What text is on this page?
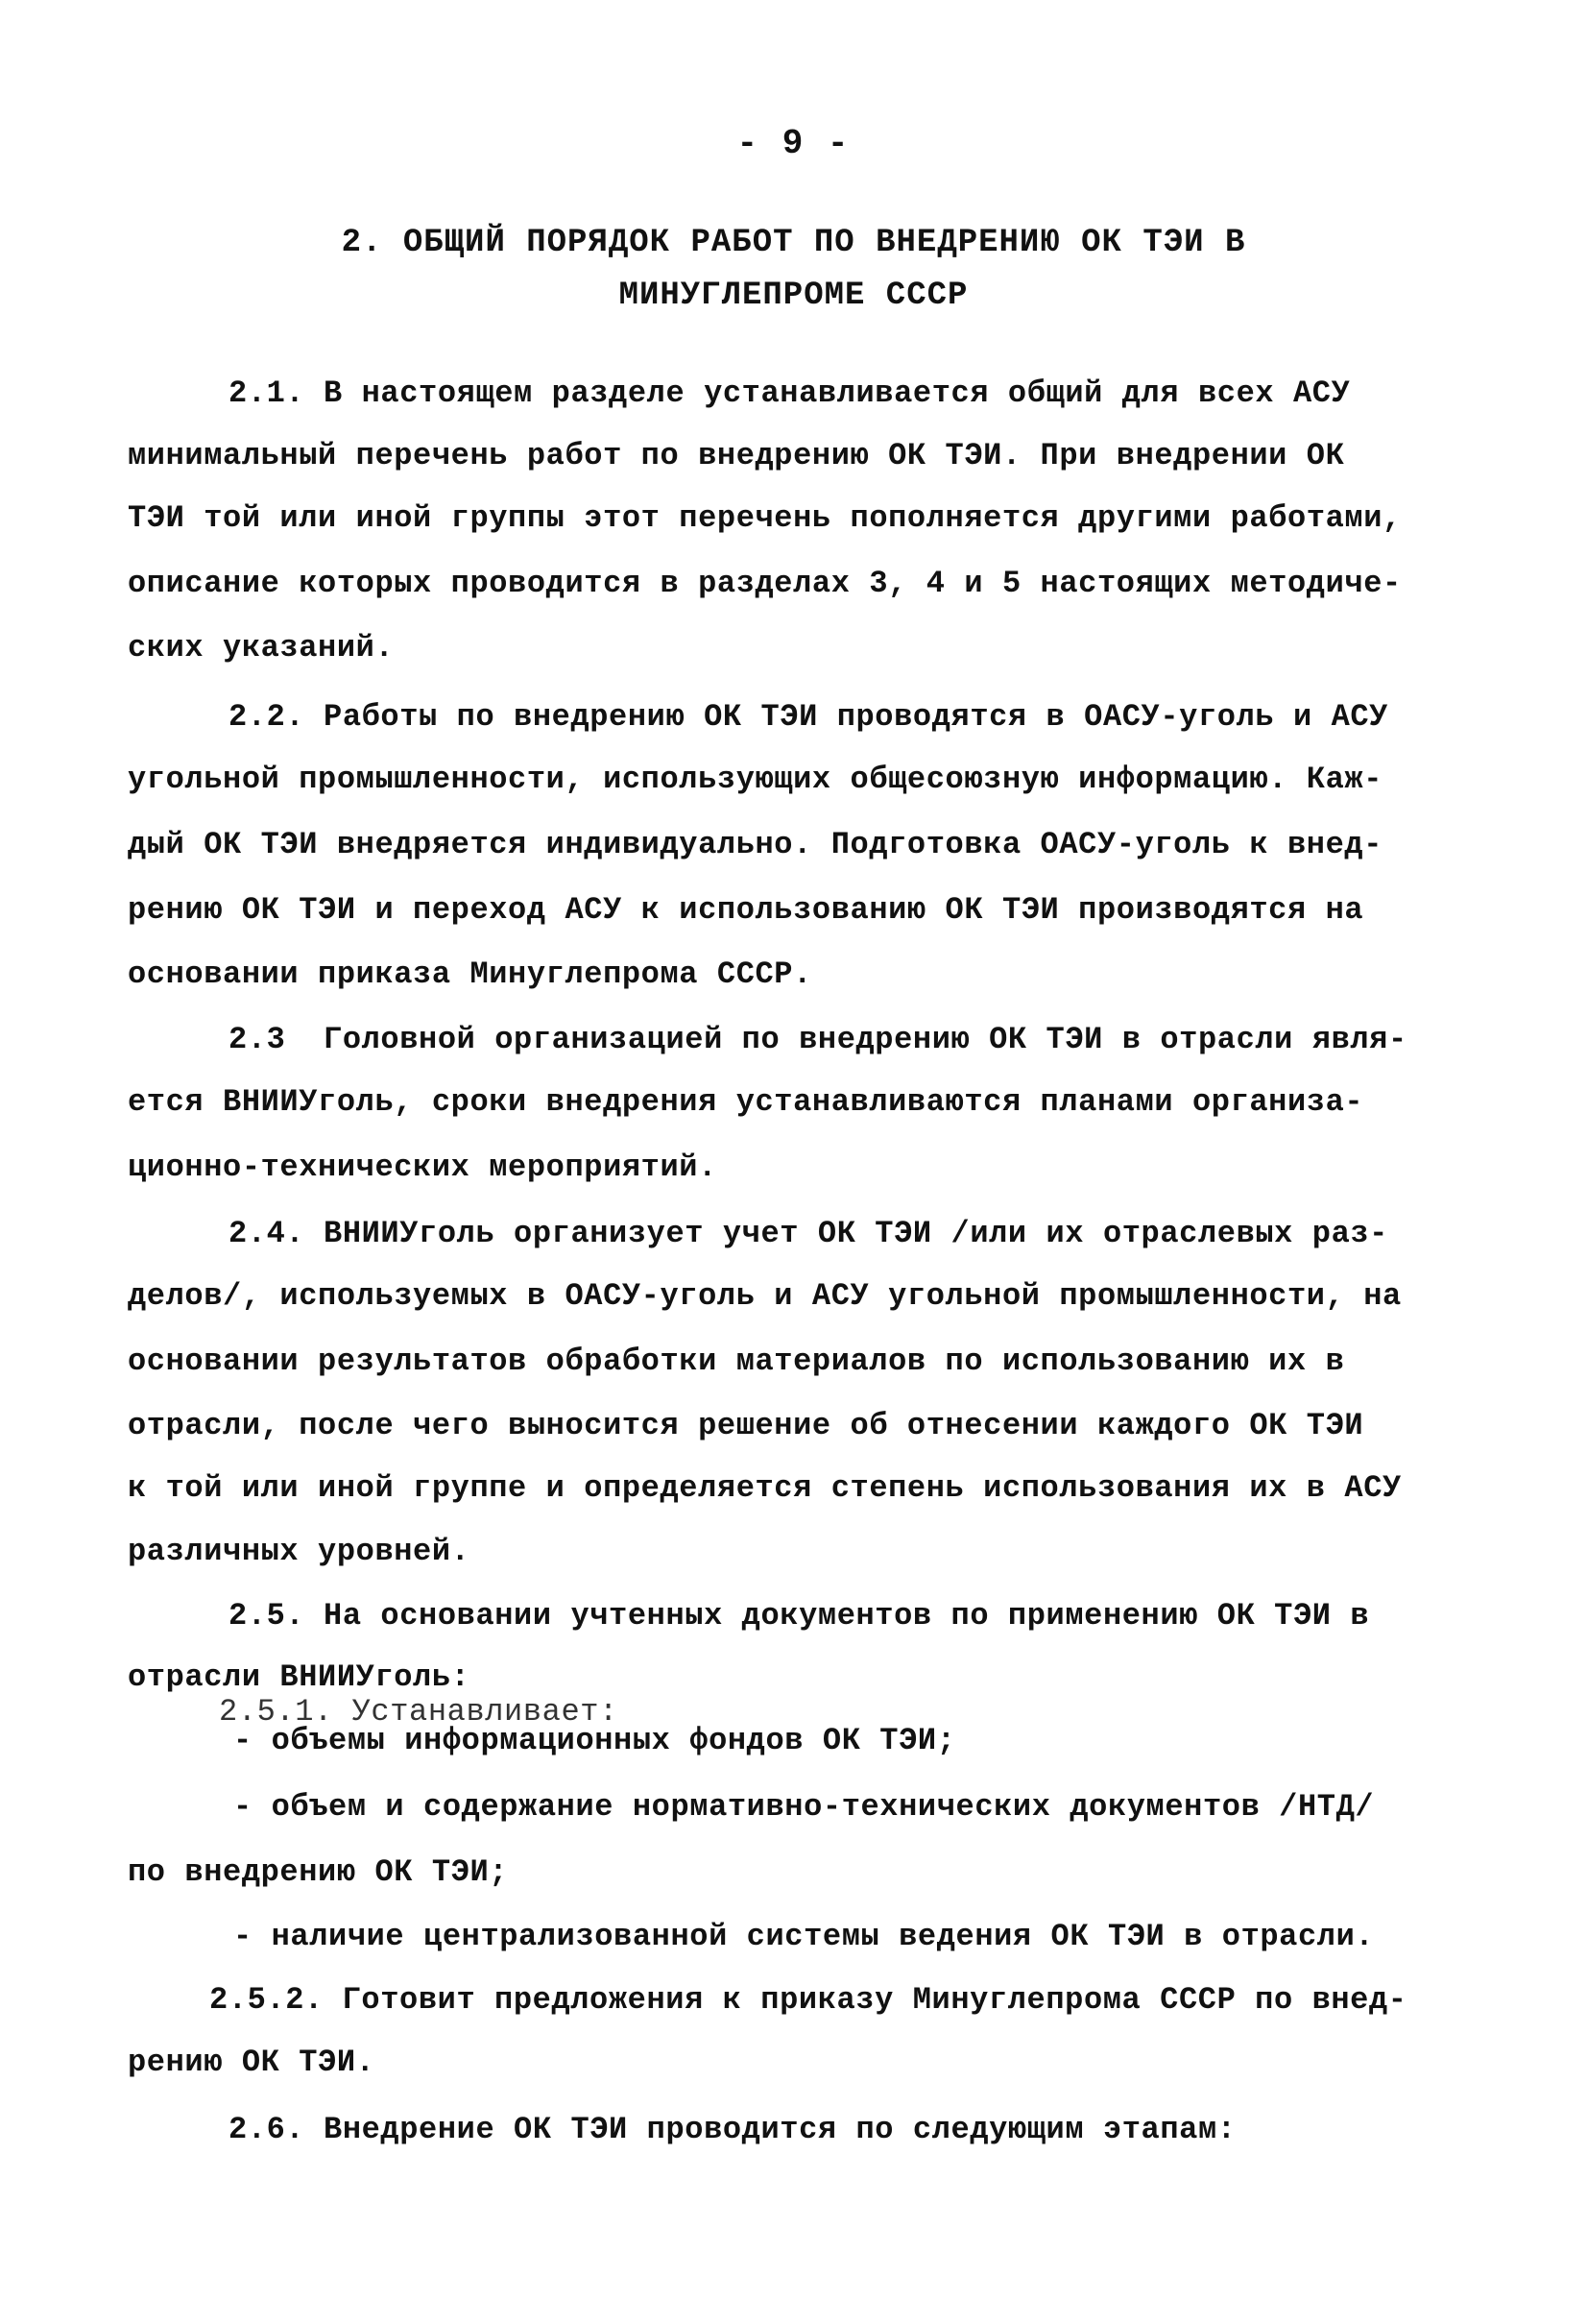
- 9 -
2. ОБЩИЙ ПОРЯДОК РАБОТ ПО ВНЕДРЕНИЮ ОК ТЭИ В
МИНУГЛЕПРОМЕ СССР
2.1. В настоящем разделе устанавливается общий для всех АСУ
минимальный перечень работ по внедрению ОК ТЭИ. При внедрении ОК
ТЭИ той или иной группы этот перечень пополняется другими работами,
описание которых проводится в разделах 3, 4 и 5 настоящих методиче-
ских указаний.
2.2. Работы по внедрению ОК ТЭИ проводятся в ОАСУ-уголь и АСУ
угольной промышленности, использующих общесоюзную информацию. Каж-
дый ОК ТЭИ внедряется индивидуально. Подготовка ОАСУ-уголь к внед-
рению ОК ТЭИ и переход АСУ к использованию ОК ТЭИ производятся на
основании приказа Минуглепрома СССР.
2.3  Головной организацией по внедрению ОК ТЭИ в отрасли явля-
ется ВНИИУголь, сроки внедрения устанавливаются планами организа-
ционно-технических мероприятий.
2.4. ВНИИУголь организует учет ОК ТЭИ /или их отраслевых раз-
делов/, используемых в ОАСУ-уголь и АСУ угольной промышленности, на
основании результатов обработки материалов по использованию их в
отрасли, после чего выносится решение об отнесении каждого ОК ТЭИ
к той или иной группе и определяется степень использования их в АСУ
различных уровней.
2.5. На основании учтенных документов по применению ОК ТЭИ в
отрасли ВНИИУголь:
2.5.1. Устанавливает:
- объемы информационных фондов ОК ТЭИ;
- объем и содержание нормативно-технических документов /НТД/
по внедрению ОК ТЭИ;
- наличие централизованной системы ведения ОК ТЭИ в отрасли.
2.5.2. Готовит предложения к приказу Минуглепрома СССР по внед-
рению ОК ТЭИ.
2.6. Внедрение ОК ТЭИ проводится по следующим этапам:
